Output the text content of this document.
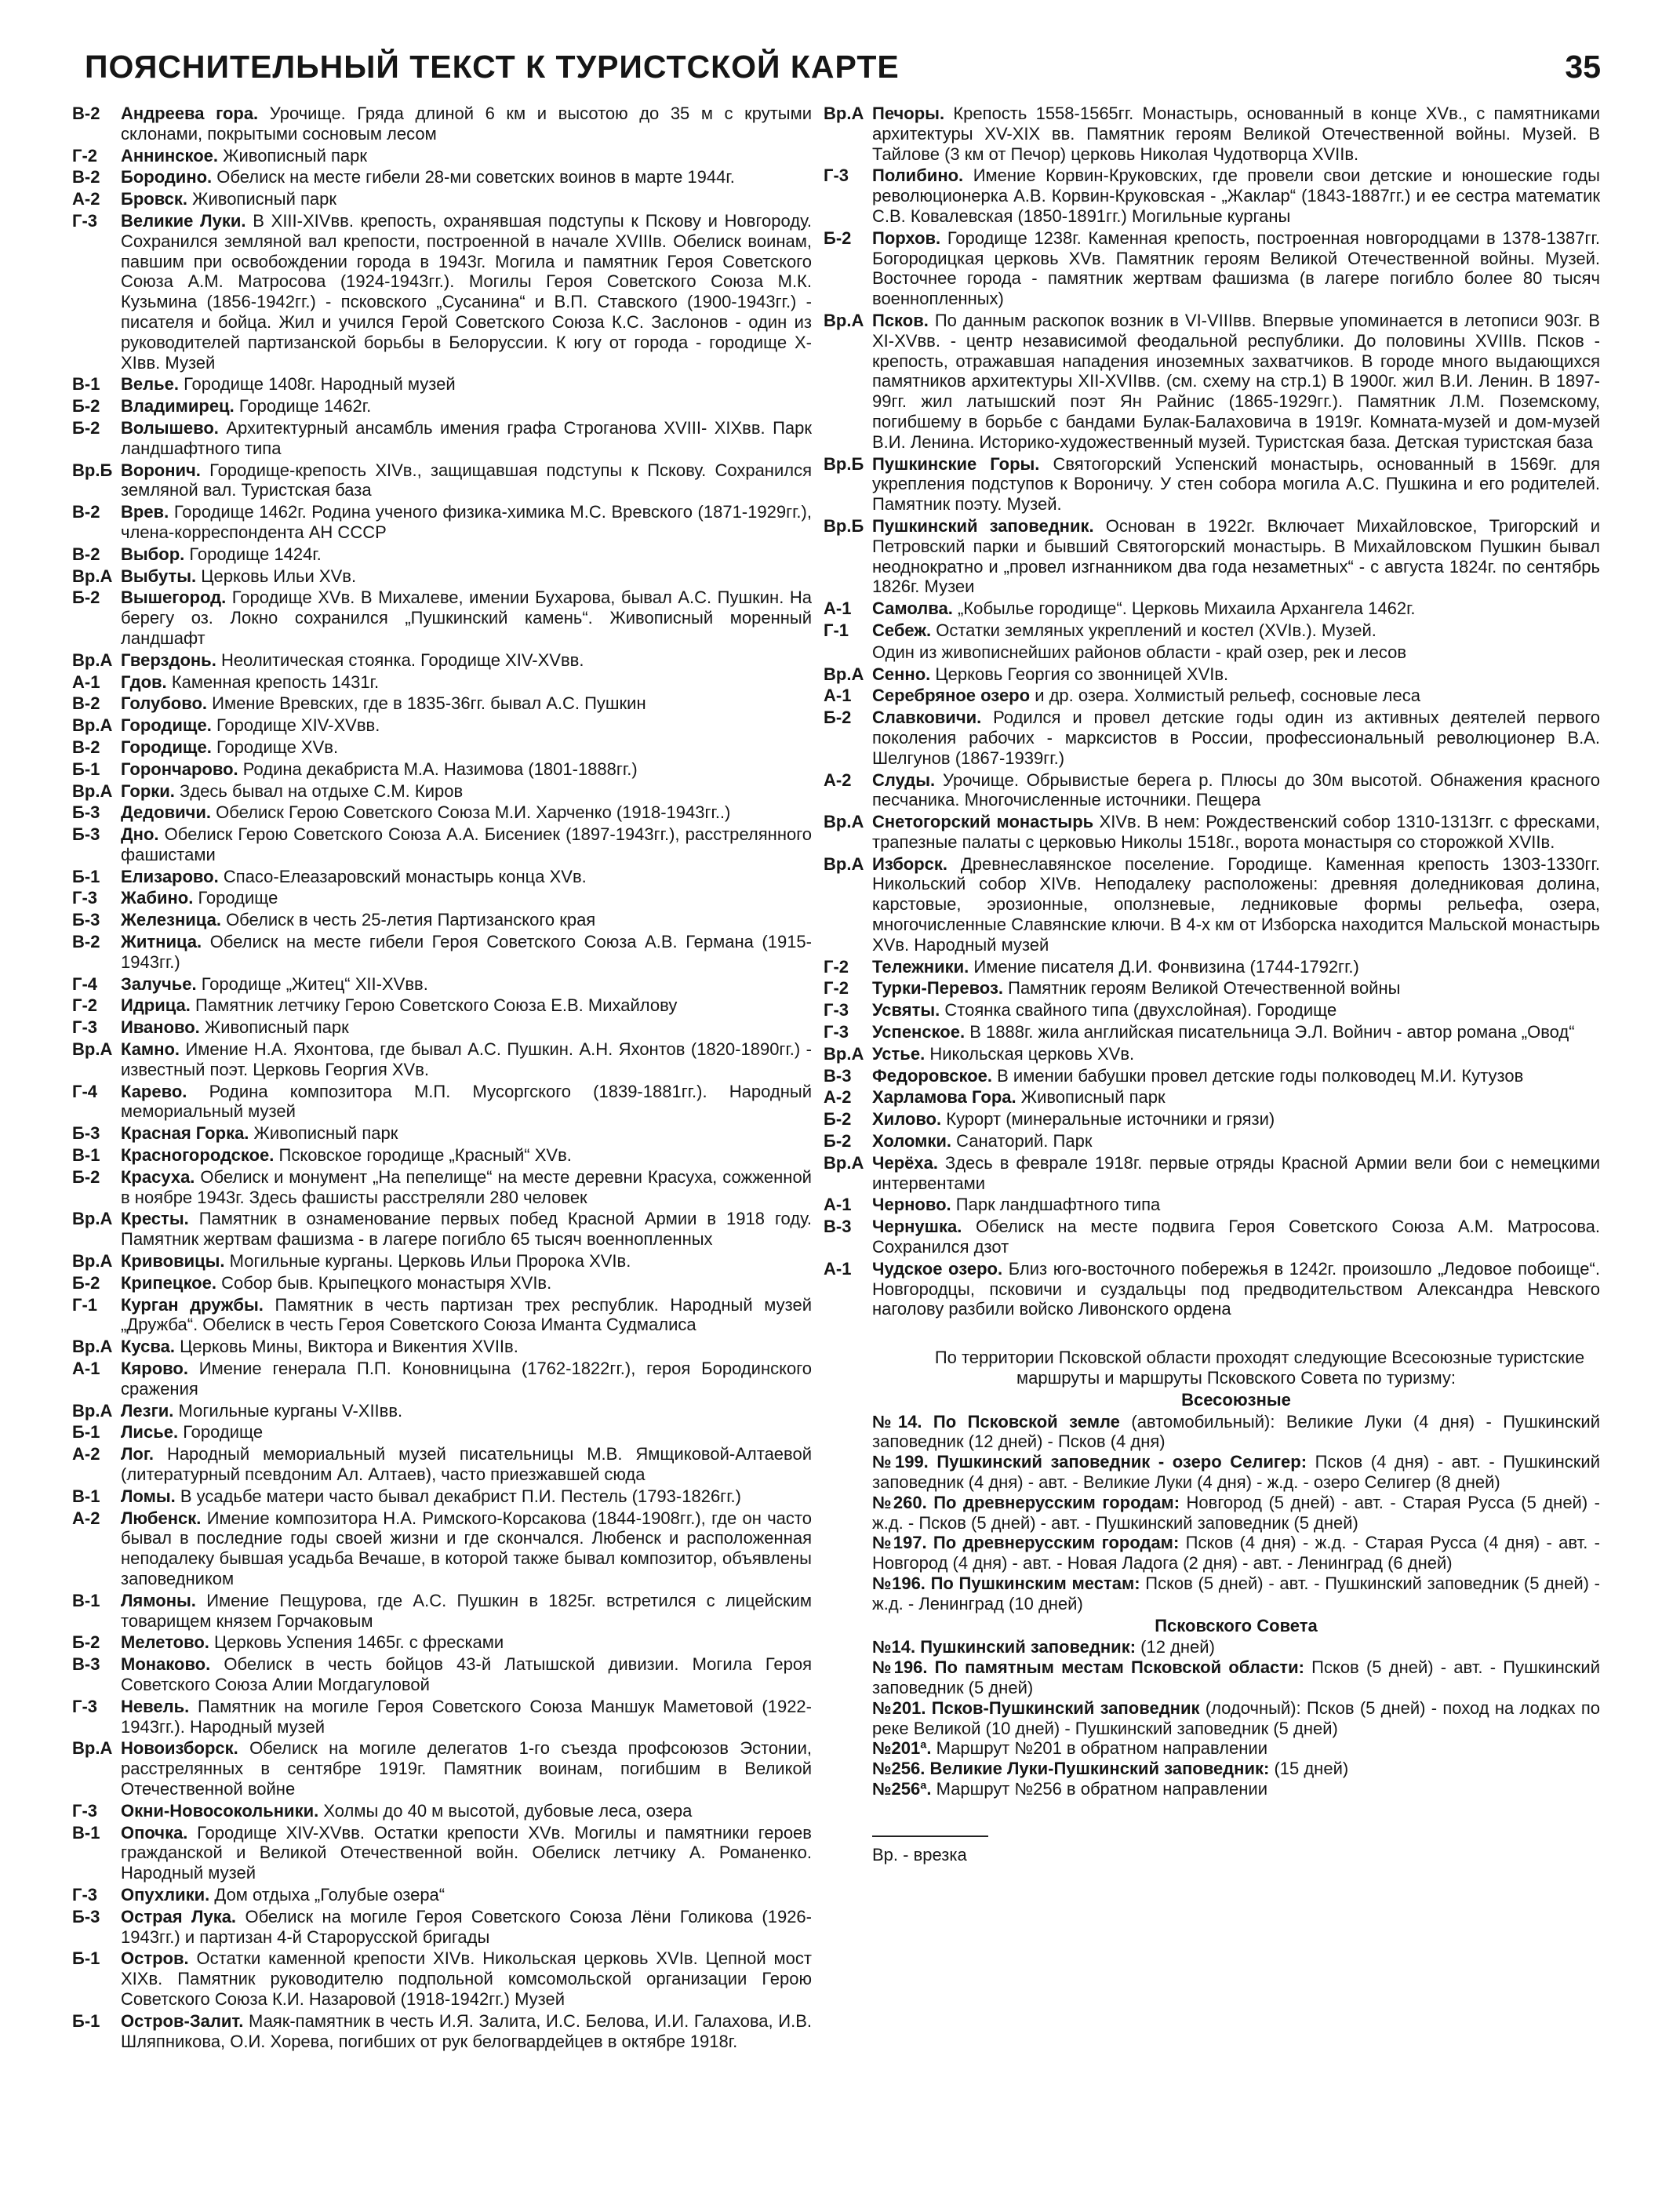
ПОЯСНИТЕЛЬНЫЙ ТЕКСТ К ТУРИСТСКОЙ КАРТЕ	35
В-2	Андреева гора. Урочище. Гряда длиной 6 км и высотою до 35 м с крутыми склонами, покрытыми сосновым лесом
Г-2	Аннинское. Живописный парк
В-2	Бородино. Обелиск на месте гибели 28-ми советских воинов в марте 1944г.
А-2	Бровск. Живописный парк
Г-3	Великие Луки. В XIII-XIVвв. крепость, охранявшая подступы к Пскову и Новгороду. Сохранился земляной вал крепости, построенной в начале XVIIIв. Обелиск воинам, павшим при освобождении города в 1943г. Могила и памятник Героя Советского Союза А.М. Матросова (1924-1943гг.). Могилы Героя Советского Союза М.К. Кузьмина (1856-1942гг.) - псковского „Сусанина“ и В.П. Ставского (1900-1943гг.) - писателя и бойца. Жил и учился Герой Советского Союза К.С. Заслонов - один из руководителей партизанской борьбы в Белоруссии. К югу от города - городище X-XIвв. Музей
В-1	Велье. Городище 1408г. Народный музей
Б-2	Владимирец. Городище 1462г.
Б-2	Волышево. Архитектурный ансамбль имения графа Строганова XVIII- XIXвв. Парк ландшафтного типа
Вр.Б Воронич. Городище-крепость XIVв., защищавшая подступы к Пскову. Сохранился земляной вал. Туристская база
В-2	Врев. Городище 1462г. Родина ученого физика-химика М.С. Вревского (1871-1929гг.), члена-корреспондента АН СССР
В-2	Выбор. Городище 1424г.
Вр.А Выбуты. Церковь Ильи XVв.
Б-2	Вышегород. Городище XVв. В Михалеве, имении Бухарова, бывал А.С. Пушкин. На берегу оз. Локно сохранился „Пушкинский камень“. Живописный моренный ландшафт
Вр.А Гверздонь. Неолитическая стоянка. Городище XIV-XVвв.
А-1	Гдов. Каменная крепость 1431г.
В-2	Голубово. Имение Вревских, где в 1835-36гг. бывал А.С. Пушкин
Вр.А Городище. Городище XIV-XVвв.
В-2	Городище. Городище XVв.
Б-1	Горончарово. Родина декабриста М.А. Назимова (1801-1888гг.)
Вр.А Горки. Здесь бывал на отдыхе С.М. Киров
Б-3	Дедовичи. Обелиск Герою Советского Союза М.И. Харченко (1918-1943гг..)
Б-3	Дно. Обелиск Герою Советского Союза А.А. Бисениек (1897-1943гг.), расстрелянного фашистами
Б-1	Елизарово. Спасо-Елеазаровский монастырь конца XVв.
Г-3	Жабино. Городище
Б-3	Железница. Обелиск в честь 25-летия Партизанского края
В-2	Житница. Обелиск на месте гибели Героя Советского Союза А.В. Германа (1915-1943гг.)
Г-4	Залучье. Городище „Житец“ XII-XVвв.
Г-2	Идрица. Памятник летчику Герою Советского Союза Е.В. Михайлову
Г-3	Иваново. Живописный парк
Вр.А Камно. Имение Н.А. Яхонтова, где бывал А.С. Пушкин. А.Н. Яхонтов (1820-1890гг.) - известный поэт. Церковь Георгия XVв.
Г-4	Карево. Родина композитора М.П. Мусоргского (1839-1881гг.). Народный мемориальный музей
Б-3	Красная Горка. Живописный парк
В-1	Красногородское. Псковское городище „Красный“ XVв.
Б-2	Красуха. Обелиск и монумент „На пепелище“ на месте деревни Красуха, сожженной в ноябре 1943г. Здесь фашисты расстреляли 280 человек
Вр.А Кресты. Памятник в ознаменование первых побед Красной Армии в 1918 году. Памятник жертвам фашизма - в лагере погибло 65 тысяч военнопленных
Вр.А Кривовицы. Могильные курганы. Церковь Ильи Пророка XVIв.
Б-2	Крипецкое. Собор быв. Крыпецкого монастыря XVIв.
Г-1	Курган дружбы. Памятник в честь партизан трех республик. Народный музей „Дружба“. Обелиск в честь Героя Советского Союза Иманта Судмалиса
Вр.А Кусва. Церковь Мины, Виктора и Викентия XVIIв.
А-1	Кярово. Имение генерала П.П. Коновницына (1762-1822гг.), героя Бородинского сражения
Вр.А Лезги. Могильные курганы V-XIIвв.
Б-1	Лисье. Городище
А-2	Лог. Народный мемориальный музей писательницы М.В. Ямщиковой-Алтаевой (литературный псевдоним Ал. Алтаев), часто приезжавшей сюда
В-1	Ломы. В усадьбе матери часто бывал декабрист П.И. Пестель (1793-1826гг.)
А-2	Любенск. Имение композитора Н.А. Римского-Корсакова (1844-1908гг.), где он часто бывал в последние годы своей жизни и где скончался. Любенск и расположенная неподалеку бывшая усадьба Вечаше, в которой также бывал композитор, объявлены заповедником
В-1	Лямоны. Имение Пещурова, где А.С. Пушкин в 1825г. встретился с лицейским товарищем князем Горчаковым
Б-2	Мелетово. Церковь Успения 1465г. с фресками
В-3	Монаково. Обелиск в честь бойцов 43-й Латышской дивизии. Могила Героя Советского Союза Алии Могдагуловой
Г-3	Невель. Памятник на могиле Героя Советского Союза Маншук Маметовой (1922-1943гг.). Народный музей
Вр.А Новоизборск. Обелиск на могиле делегатов 1-го съезда профсоюзов Эстонии, расстрелянных в сентябре 1919г. Памятник воинам, погибшим в Великой Отечественной войне
Г-3	Окни-Новосокольники. Холмы до 40 м высотой, дубовые леса, озера
В-1	Опочка. Городище XIV-XVвв. Остатки крепости XVв. Могилы и памятники героев гражданской и Великой Отечественной войн. Обелиск летчику А. Романенко. Народный музей
Г-3	Опухлики. Дом отдыха „Голубые озера“
Б-3	Острая Лука. Обелиск на могиле Героя Советского Союза Лёни Голикова (1926-1943гг.) и партизан 4-й Старорусской бригады
Б-1	Остров. Остатки каменной крепости XIVв. Никольская церковь XVIв. Цепной мост XIXв. Памятник руководителю подпольной комсомольской организации Герою Советского Союза К.И. Назаровой (1918-1942гг.) Музей
Б-1	Остров-Залит. Маяк-памятник в честь И.Я. Залита, И.С. Белова, И.И. Галахова, И.В. Шляпникова, О.И. Хорева, погибших от рук белогвардейцев в октябре 1918г.
Вр.А Печоры. Крепость 1558-1565гг. Монастырь, основанный в конце XVв., с памятниками архитектуры XV-XIX вв. Памятник героям Великой Отечественной войны. Музей. В Тайлове (3 км от Печор) церковь Николая Чудотворца XVIIв.
Г-3	Полибино. Имение Корвин-Круковских, где провели свои детские и юношеские годы революционерка А.В. Корвин-Круковская - „Жаклар“ (1843-1887гг.) и ее сестра математик С.В. Ковалевская (1850-1891гг.) Могильные курганы
Б-2	Порхов. Городище 1238г. Каменная крепость, построенная новгородцами в 1378-1387гг. Богородицкая церковь XVв. Памятник героям Великой Отечественной войны. Музей. Восточнее города - памятник жертвам фашизма (в лагере погибло более 80 тысяч военнопленных)
Вр.А Псков. По данным раскопок возник в VI-VIIIвв. Впервые упоминается в летописи 903г. В XI-XVвв. - центр независимой феодальной республики. До половины XVIIIв. Псков - крепость, отражавшая нападения иноземных захватчиков. В городе много выдающихся памятников архитектуры XII-XVIIвв. (см. схему на стр.1) В 1900г. жил В.И. Ленин. В 1897-99гг. жил латышский поэт Ян Райнис (1865-1929гг.). Памятник Л.М. Поземскому, погибшему в борьбе с бандами Булак-Балаховича в 1919г. Комната-музей и дом-музей В.И. Ленина. Историко-художественный музей. Туристская база. Детская туристская база
Вр.Б Пушкинские Горы. Святогорский Успенский монастырь, основанный в 1569г. для укрепления подступов к Вороничу. У стен собора могила А.С. Пушкина и его родителей. Памятник поэту. Музей.
Вр.Б Пушкинский заповедник. Основан в 1922г. Включает Михайловское, Тригорский и Петровский парки и бывший Святогорский монастырь. В Михайловском Пушкин бывал неоднократно и „провел изгнанником два года незаметных“ - с августа 1824г. по сентябрь 1826г. Музеи
А-1	Самолва. „Кобылье городище“. Церковь Михаила Архангела 1462г.
Г-1	Себеж. Остатки земляных укреплений и костел (XVIв.). Музей.
Один из живописнейших районов области - край озер, рек и лесов
Вр.А Сенно. Церковь Георгия со звонницей XVIв.
А-1	Серебряное озеро и др. озера. Холмистый рельеф, сосновые леса
Б-2	Славковичи. Родился и провел детские годы один из активных деятелей первого поколения рабочих - марксистов в России, профессиональный революционер В.А. Шелгунов (1867-1939гг.)
А-2	Слуды. Урочище. Обрывистые берега р. Плюсы до 30м высотой. Обнажения красного песчаника. Многочисленные источники. Пещера
Вр.А Снетогорский монастырь XIVв. В нем: Рождественский собор 1310-1313гг. с фресками, трапезные палаты с церковью Николы 1518г., ворота монастыря со сторожкой XVIIв.
Вр.А Изборск. Древнеславянское поселение. Городище. Каменная крепость 1303-1330гг. Никольский собор XIVв. Неподалеку расположены: древняя доледниковая долина, карстовые, эрозионные, оползневые, ледниковые формы рельефа, озера, многочисленные Славянские ключи. В 4-х км от Изборска находится Мальской монастырь XVв. Народный музей
Г-2	Тележники. Имение писателя Д.И. Фонвизина (1744-1792гг.)
Г-2	Турки-Перевоз. Памятник героям Великой Отечественной войны
Г-3	Усвяты. Стоянка свайного типа (двухслойная). Городище
Г-3	Успенское. В 1888г. жила английская писательница Э.Л. Войнич - автор романа „Овод“
Вр.А Устье. Никольская церковь XVв.
В-3	Федоровское. В имении бабушки провел детские годы полководец М.И. Кутузов
А-2	Харламова Гора. Живописный парк
Б-2	Хилово. Курорт (минеральные источники и грязи)
Б-2	Холомки. Санаторий. Парк
Вр.А Черёха. Здесь в феврале 1918г. первые отряды Красной Армии вели бои с немецкими интервентами
А-1	Черново. Парк ландшафтного типа
В-3	Чернушка. Обелиск на месте подвига Героя Советского Союза А.М. Матросова. Сохранился дзот
А-1	Чудское озеро. Близ юго-восточного побережья в 1242г. произошло „Ледовое побоище“. Новгородцы, псковичи и суздальцы под предводительством Александра Невского наголову разбили войско Ливонского ордена

По территории Псковской области проходят следующие Всесоюзные туристские маршруты и маршруты Псковского Совета по туризму:

Всесоюзные

№14. По Псковской земле (автомобильный): Великие Луки (4 дня) - Пушкинский заповедник (12 дней) - Псков (4 дня)

№199. Пушкинский заповедник - озеро Селигер: Псков (4 дня) - авт. - Пушкинский заповедник (4 дня) - авт. - Великие Луки (4 дня) - ж.д. - озеро Селигер (8 дней)

№260. По древнерусским городам: Новгород (5 дней) - авт. - Старая Русса (5 дней) - ж.д. - Псков (5 дней) - авт. - Пушкинский заповедник (5 дней)

№197. По древнерусским городам: Псков (4 дня) - ж.д. - Старая Русса (4 дня) - авт. - Новгород (4 дня) - авт. - Новая Ладога (2 дня) - авт. - Ленинград (6 дней)

№196. По Пушкинским местам: Псков (5 дней) - авт. - Пушкинский заповедник (5 дней) - ж.д. - Ленинград (10 дней)

Псковского Совета

№14. Пушкинский заповедник: (12 дней)

№196. По памятным местам Псковской области: Псков (5 дней) - авт. - Пушкинский заповедник (5 дней)

№201. Псков-Пушкинский заповедник (лодочный): Псков (5 дней) - поход на лодках по реке Великой (10 дней) - Пушкинский заповедник (5 дней)

№201ª. Маршрут №201 в обратном направлении

№256. Великие Луки-Пушкинский заповедник: (15 дней)

№256ª. Маршрут №256 в обратном направлении

Вр. - врезка
